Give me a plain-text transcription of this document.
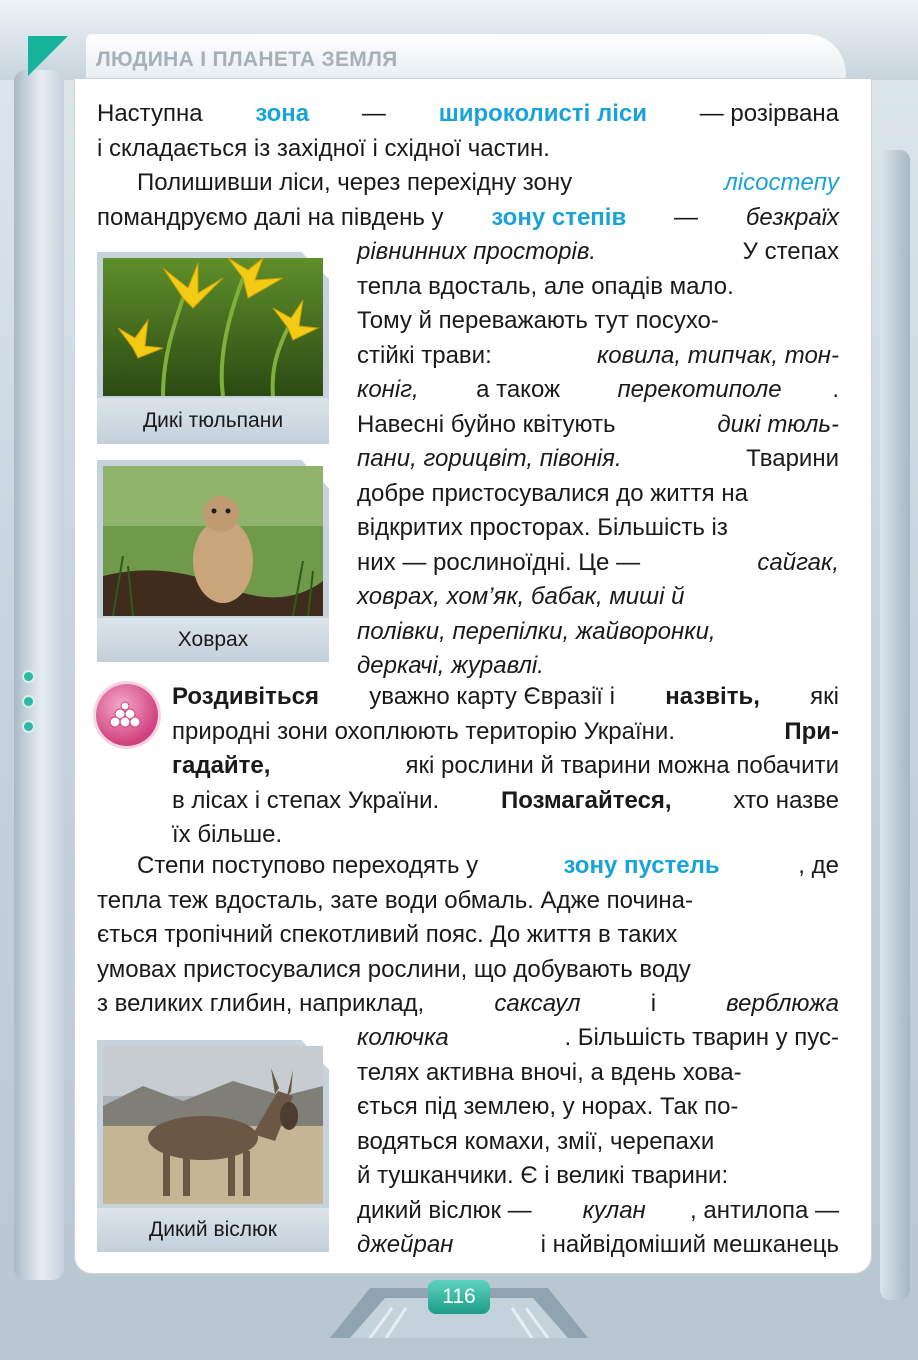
ЛЮДИНА І ПЛАНЕТА ЗЕМЛЯ
Наступна зона — широколисті ліси — розірвана
і складається із західної і східної частин.
Полишивши ліси, через перехідну зону	лісостепу
помандруємо далі на південь у зону степів — безкраїх
рівнинних просторів.	У степах
тепла вдосталь, але опадів мало.
Тому й переважають тут посухо-
стійкі трави:	ковила, типчак, тон-
коніг, а також перекотиполе .
Навесні буйно квітують	дикі тюль-
пани, горицвіт, півонія.	Тварини
добре пристосувалися до життя на
відкритих просторах. Більшість із
них — рослиноїдні. Це —	сайгак,
ховрах, хом’як, бабак, миші й
полівки, перепілки, жайворонки,
деркачі, журавлі.
Дикі тюльпани
Ховрах
Роздивіться уважно карту Євразії і назвіть, які
природні зони охоплюють територію України.	При-
гадайте,	які рослини й тварини можна побачити
в лісах і степах України. Позмагайтеся, хто назве
їх більше.
Степи поступово переходять у	зону пустель	, де
тепла теж вдосталь, зате води обмаль. Адже почина-
ється тропічний спекотливий пояс. До життя в таких
умовах пристосувалися рослини, що добувають воду
з великих глибин, наприклад,	саксаул	і	верблюжа
колючка	. Більшість тварин у пус-
телях активна вночі, а вдень хова-
ється під землею, у норах. Так по-
водяться комахи, змії, черепахи
й тушканчики. Є і великі тварини:
дикий віслюк — кулан , антилопа —
джейран	і найвідоміший мешканець
Дикий віслюк
116
